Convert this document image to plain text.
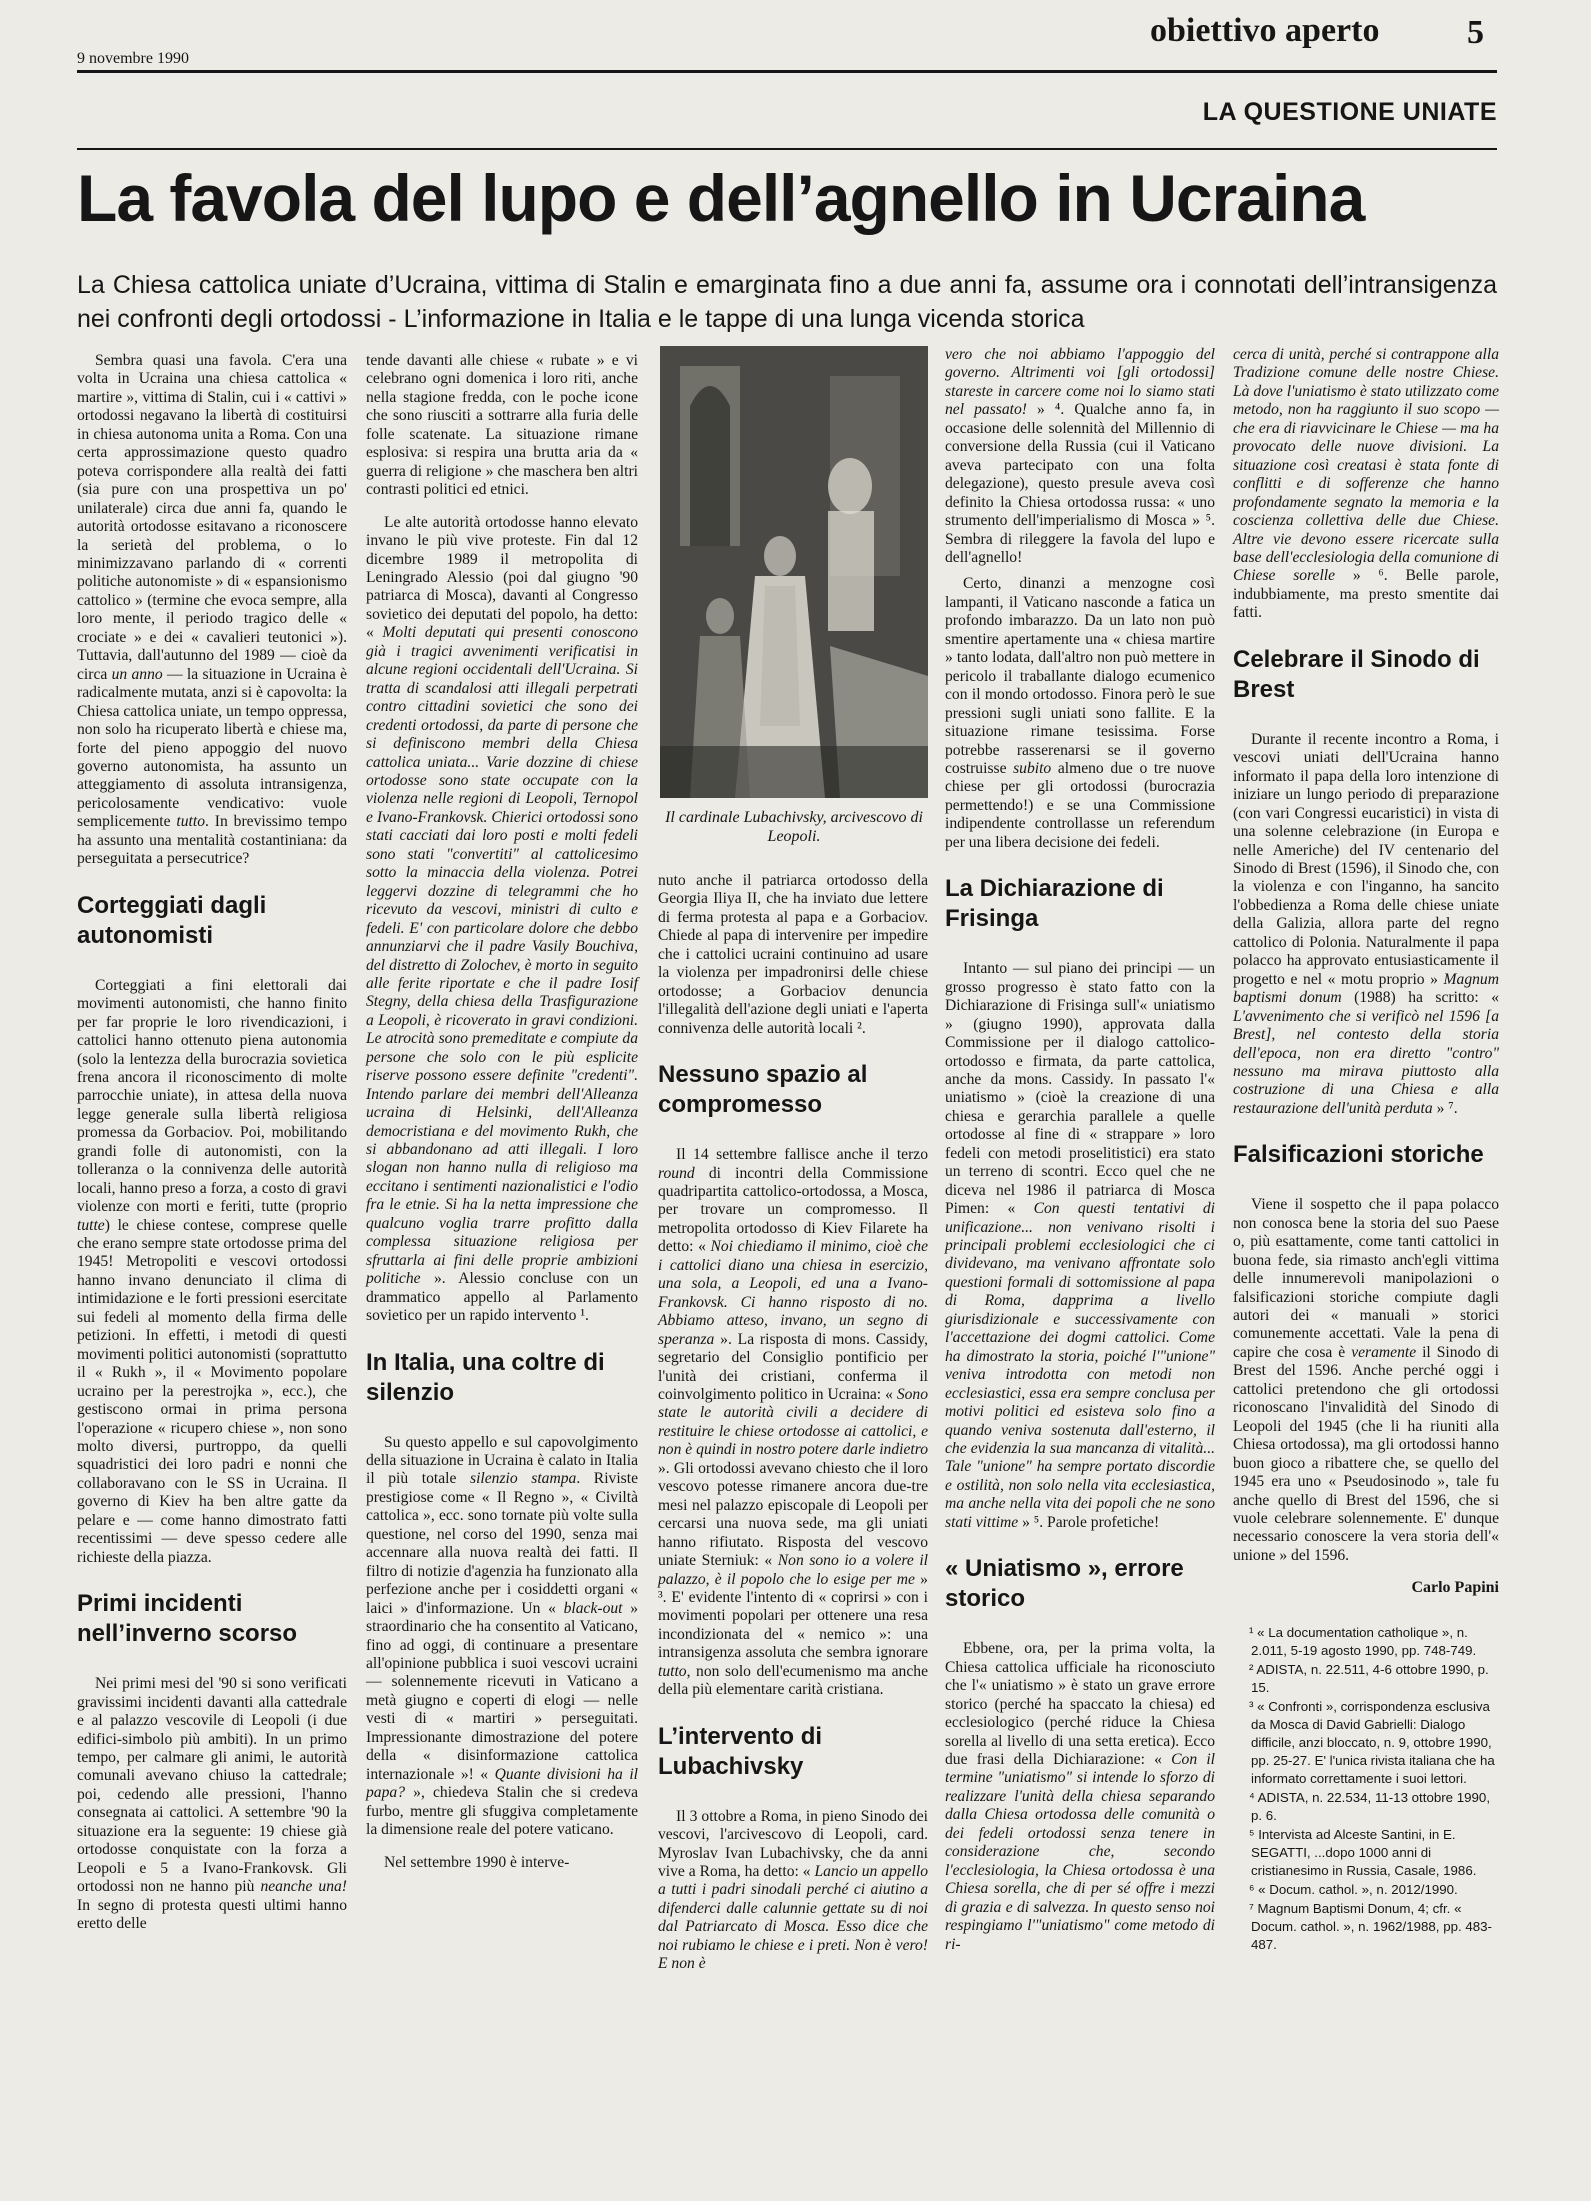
9 novembre 1990
obiettivo aperto	5
LA QUESTIONE UNIATE
La favola del lupo e dell’agnello in Ucraina
La Chiesa cattolica uniate d’Ucraina, vittima di Stalin e emarginata fino a due anni fa, assume ora i connotati dell’intransigenza nei confronti degli ortodossi - L’informazione in Italia e le tappe di una lunga vicenda storica

Sembra quasi una favola. C'era una volta in Ucraina una chiesa cattolica « martire », vittima di Stalin, cui i « cattivi » ortodossi negavano la libertà di costituirsi in chiesa autonoma unita a Roma. Con una certa approssimazione questo quadro poteva corrispondere alla realtà dei fatti (sia pure con una prospettiva un po' unilaterale) circa due anni fa, quando le autorità ortodosse esitavano a riconoscere la serietà del problema, o lo minimizzavano parlando di « correnti politiche autonomiste » di « espansionismo cattolico » (termine che evoca sempre, alla loro mente, il periodo tragico delle « crociate » e dei « cavalieri teutonici »). Tuttavia, dall'autunno del 1989 — cioè da circa un anno — la situazione in Ucraina è radicalmente mutata, anzi si è capovolta: la Chiesa cattolica uniate, un tempo oppressa, non solo ha ricuperato libertà e chiese ma, forte del pieno appoggio del nuovo governo autonomista, ha assunto un atteggiamento di assoluta intransigenza, pericolosamente vendicativo: vuole semplicemente tutto. In brevissimo tempo ha assunto una mentalità costantiniana: da perseguitata a persecutrice?

Corteggiati dagli autonomisti

Corteggiati a fini elettorali dai movimenti autonomisti, che hanno finito per far proprie le loro rivendicazioni, i cattolici hanno ottenuto piena autonomia (solo la lentezza della burocrazia sovietica frena ancora il riconoscimento di molte parrocchie uniate), in attesa della nuova legge generale sulla libertà religiosa promessa da Gorbaciov. Poi, mobilitando grandi folle di autonomisti, con la tolleranza o la connivenza delle autorità locali, hanno preso a forza, a costo di gravi violenze con morti e feriti, tutte (proprio tutte) le chiese contese, comprese quelle che erano sempre state ortodosse prima del 1945! Metropoliti e vescovi ortodossi hanno invano denunciato il clima di intimidazione e le forti pressioni esercitate sui fedeli al momento della firma delle petizioni. In effetti, i metodi di questi movimenti politici autonomisti (soprattutto il « Rukh », il « Movimento popolare ucraino per la perestrojka », ecc.), che gestiscono ormai in prima persona l'operazione « ricupero chiese », non sono molto diversi, purtroppo, da quelli squadristici dei loro padri e nonni che collaboravano con le SS in Ucraina. Il governo di Kiev ha ben altre gatte da pelare e — come hanno dimostrato fatti recentissimi — deve spesso cedere alle richieste della piazza.

Primi incidenti nell’inverno scorso

Nei primi mesi del '90 si sono verificati gravissimi incidenti davanti alla cattedrale e al palazzo vescovile di Leopoli (i due edifici-simbolo più ambiti). In un primo tempo, per calmare gli animi, le autorità comunali avevano chiuso la cattedrale; poi, cedendo alle pressioni, l'hanno consegnata ai cattolici. A settembre '90 la situazione era la seguente: 19 chiese già ortodosse conquistate con la forza a Leopoli e 5 a Ivano-Frankovsk. Gli ortodossi non ne hanno più neanche una! In segno di protesta questi ultimi hanno eretto delle

tende davanti alle chiese « rubate » e vi celebrano ogni domenica i loro riti, anche nella stagione fredda, con le poche icone che sono riusciti a sottrarre alla furia delle folle scatenate. La situazione rimane esplosiva: si respira una brutta aria da « guerra di religione » che maschera ben altri contrasti politici ed etnici.

Le alte autorità ortodosse hanno elevato invano le più vive proteste. Fin dal 12 dicembre 1989 il metropolita di Leningrado Alessio (poi dal giugno '90 patriarca di Mosca), davanti al Congresso sovietico dei deputati del popolo, ha detto: « Molti deputati qui presenti conoscono già i tragici avvenimenti verificatisi in alcune regioni occidentali dell'Ucraina. Si tratta di scandalosi atti illegali perpetrati contro cittadini sovietici che sono dei credenti ortodossi, da parte di persone che si definiscono membri della Chiesa cattolica uniata... Varie dozzine di chiese ortodosse sono state occupate con la violenza nelle regioni di Leopoli, Ternopol e Ivano-Frankovsk. Chierici ortodossi sono stati cacciati dai loro posti e molti fedeli sono stati "convertiti" al cattolicesimo sotto la minaccia della violenza. Potrei leggervi dozzine di telegrammi che ho ricevuto da vescovi, ministri di culto e fedeli. E' con particolare dolore che debbo annunziarvi che il padre Vasily Bouchiva, del distretto di Zolochev, è morto in seguito alle ferite riportate e che il padre Iosif Stegny, della chiesa della Trasfigurazione a Leopoli, è ricoverato in gravi condizioni. Le atrocità sono premeditate e compiute da persone che solo con le più esplicite riserve possono essere definite "credenti". Intendo parlare dei membri dell'Alleanza ucraina di Helsinki, dell'Alleanza democristiana e del movimento Rukh, che si abbandonano ad atti illegali. I loro slogan non hanno nulla di religioso ma eccitano i sentimenti nazionalistici e l'odio fra le etnie. Si ha la netta impressione che qualcuno voglia trarre profitto dalla complessa situazione religiosa per sfruttarla ai fini delle proprie ambizioni politiche ». Alessio concluse con un drammatico appello al Parlamento sovietico per un rapido intervento ¹.

In Italia, una coltre di silenzio

Su questo appello e sul capovolgimento della situazione in Ucraina è calato in Italia il più totale silenzio stampa. Riviste prestigiose come « Il Regno », « Civiltà cattolica », ecc. sono tornate più volte sulla questione, nel corso del 1990, senza mai accennare alla nuova realtà dei fatti. Il filtro di notizie d'agenzia ha funzionato alla perfezione anche per i cosiddetti organi « laici » d'informazione. Un « black-out » straordinario che ha consentito al Vaticano, fino ad oggi, di continuare a presentare all'opinione pubblica i suoi vescovi ucraini — solennemente ricevuti in Vaticano a metà giugno e coperti di elogi — nelle vesti di « martiri » perseguitati. Impressionante dimostrazione del potere della « disinformazione cattolica internazionale »! « Quante divisioni ha il papa? », chiedeva Stalin che si credeva furbo, mentre gli sfuggiva completamente la dimensione reale del potere vaticano.

Nel settembre 1990 è interve-

Il cardinale Lubachivsky, arcivescovo di Leopoli.

nuto anche il patriarca ortodosso della Georgia Iliya II, che ha inviato due lettere di ferma protesta al papa e a Gorbaciov. Chiede al papa di intervenire per impedire che i cattolici ucraini continuino ad usare la violenza per impadronirsi delle chiese ortodosse; a Gorbaciov denuncia l'illegalità dell'azione degli uniati e l'aperta connivenza delle autorità locali ².

Nessuno spazio al compromesso

Il 14 settembre fallisce anche il terzo round di incontri della Commissione quadripartita cattolico-ortodossa, a Mosca, per trovare un compromesso. Il metropolita ortodosso di Kiev Filarete ha detto: « Noi chiediamo il minimo, cioè che i cattolici diano una chiesa in esercizio, una sola, a Leopoli, ed una a Ivano-Frankovsk. Ci hanno risposto di no. Abbiamo atteso, invano, un segno di speranza ». La risposta di mons. Cassidy, segretario del Consiglio pontificio per l'unità dei cristiani, conferma il coinvolgimento politico in Ucraina: « Sono state le autorità civili a decidere di restituire le chiese ortodosse ai cattolici, e non è quindi in nostro potere darle indietro ». Gli ortodossi avevano chiesto che il loro vescovo potesse rimanere ancora due-tre mesi nel palazzo episcopale di Leopoli per cercarsi una nuova sede, ma gli uniati hanno rifiutato. Risposta del vescovo uniate Sterniuk: « Non sono io a volere il palazzo, è il popolo che lo esige per me » ³. E' evidente l'intento di « coprirsi » con i movimenti popolari per ottenere una resa incondizionata del « nemico »: una intransigenza assoluta che sembra ignorare tutto, non solo dell'ecumenismo ma anche della più elementare carità cristiana.

L’intervento di Lubachivsky

Il 3 ottobre a Roma, in pieno Sinodo dei vescovi, l'arcivescovo di Leopoli, card. Myroslav Ivan Lubachivsky, che da anni vive a Roma, ha detto: « Lancio un appello a tutti i padri sinodali perché ci aiutino a difenderci dalle calunnie gettate su di noi dal Patriarcato di Mosca. Esso dice che noi rubiamo le chiese e i preti. Non è vero! E non è

vero che noi abbiamo l'appoggio del governo. Altrimenti voi [gli ortodossi] stareste in carcere come noi lo siamo stati nel passato! » ⁴. Qualche anno fa, in occasione delle solennità del Millennio di conversione della Russia (cui il Vaticano aveva partecipato con una folta delegazione), questo presule aveva così definito la Chiesa ortodossa russa: « uno strumento dell'imperialismo di Mosca » ⁵. Sembra di rileggere la favola del lupo e dell'agnello!

Certo, dinanzi a menzogne così lampanti, il Vaticano nasconde a fatica un profondo imbarazzo. Da un lato non può smentire apertamente una « chiesa martire » tanto lodata, dall'altro non può mettere in pericolo il traballante dialogo ecumenico con il mondo ortodosso. Finora però le sue pressioni sugli uniati sono fallite. E la situazione rimane tesissima. Forse potrebbe rasserenarsi se il governo costruisse subito almeno due o tre nuove chiese per gli ortodossi (burocrazia permettendo!) e se una Commissione indipendente controllasse un referendum per una libera decisione dei fedeli.

La Dichiarazione di Frisinga

Intanto — sul piano dei principi — un grosso progresso è stato fatto con la Dichiarazione di Frisinga sull'« uniatismo » (giugno 1990), approvata dalla Commissione per il dialogo cattolico-ortodosso e firmata, da parte cattolica, anche da mons. Cassidy. In passato l'« uniatismo » (cioè la creazione di una chiesa e gerarchia parallele a quelle ortodosse al fine di « strappare » loro fedeli con metodi proselitistici) era stato un terreno di scontri. Ecco quel che ne diceva nel 1986 il patriarca di Mosca Pimen: « Con questi tentativi di unificazione... non venivano risolti i principali problemi ecclesiologici che ci dividevano, ma venivano affrontate solo questioni formali di sottomissione al papa di Roma, dapprima a livello giurisdizionale e successivamente con l'accettazione dei dogmi cattolici. Come ha dimostrato la storia, poiché l'"unione" veniva introdotta con metodi non ecclesiastici, essa era sempre conclusa per motivi politici ed esisteva solo fino a quando veniva sostenuta dall'esterno, il che evidenzia la sua mancanza di vitalità... Tale "unione" ha sempre portato discordie e ostilità, non solo nella vita ecclesiastica, ma anche nella vita dei popoli che ne sono stati vittime » ⁵. Parole profetiche!

« Uniatismo », errore storico

Ebbene, ora, per la prima volta, la Chiesa cattolica ufficiale ha riconosciuto che l'« uniatismo » è stato un grave errore storico (perché ha spaccato la chiesa) ed ecclesiologico (perché riduce la Chiesa sorella al livello di una setta eretica). Ecco due frasi della Dichiarazione: « Con il termine "uniatismo" si intende lo sforzo di realizzare l'unità della chiesa separando dalla Chiesa ortodossa delle comunità o dei fedeli ortodossi senza tenere in considerazione che, secondo l'ecclesiologia, la Chiesa ortodossa è una Chiesa sorella, che di per sé offre i mezzi di grazia e di salvezza. In questo senso noi respingiamo l'"uniatismo" come metodo di ri-

cerca di unità, perché si contrappone alla Tradizione comune delle nostre Chiese. Là dove l'uniatismo è stato utilizzato come metodo, non ha raggiunto il suo scopo — che era di riavvicinare le Chiese — ma ha provocato delle nuove divisioni. La situazione così creatasi è stata fonte di conflitti e di sofferenze che hanno profondamente segnato la memoria e la coscienza collettiva delle due Chiese. Altre vie devono essere ricercate sulla base dell'ecclesiologia della comunione di Chiese sorelle » ⁶. Belle parole, indubbiamente, ma presto smentite dai fatti.

Celebrare il Sinodo di Brest

Durante il recente incontro a Roma, i vescovi uniati dell'Ucraina hanno informato il papa della loro intenzione di iniziare un lungo periodo di preparazione (con vari Congressi eucaristici) in vista di una solenne celebrazione (in Europa e nelle Americhe) del IV centenario del Sinodo di Brest (1596), il Sinodo che, con la violenza e con l'inganno, ha sancito l'obbedienza a Roma delle chiese uniate della Galizia, allora parte del regno cattolico di Polonia. Naturalmente il papa polacco ha approvato entusiasticamente il progetto e nel « motu proprio » Magnum baptismi donum (1988) ha scritto: « L'avvenimento che si verificò nel 1596 [a Brest], nel contesto della storia dell'epoca, non era diretto "contro" nessuno ma mirava piuttosto alla costruzione di una Chiesa e alla restaurazione dell'unità perduta » ⁷.

Falsificazioni storiche

Viene il sospetto che il papa polacco non conosca bene la storia del suo Paese o, più esattamente, come tanti cattolici in buona fede, sia rimasto anch'egli vittima delle innumerevoli manipolazioni o falsificazioni storiche compiute dagli autori dei « manuali » storici comunemente accettati. Vale la pena di capire che cosa è veramente il Sinodo di Brest del 1596. Anche perché oggi i cattolici pretendono che gli ortodossi riconoscano l'invalidità del Sinodo di Leopoli del 1945 (che li ha riuniti alla Chiesa ortodossa), ma gli ortodossi hanno buon gioco a ribattere che, se quello del 1945 era uno « Pseudosinodo », tale fu anche quello di Brest del 1596, che si vuole celebrare solennemente. E' dunque necessario conoscere la vera storia dell'« unione » del 1596.

Carlo Papini
¹ « La documentation catholique », n. 2.011, 5-19 agosto 1990, pp. 748-749.
² ADISTA, n. 22.511, 4-6 ottobre 1990, p. 15.
³ « Confronti », corrispondenza esclusiva da Mosca di David Gabrielli: Dialogo difficile, anzi bloccato, n. 9, ottobre 1990, pp. 25-27. E' l'unica rivista italiana che ha informato correttamente i suoi lettori.
⁴ ADISTA, n. 22.534, 11-13 ottobre 1990, p. 6.
⁵ Intervista ad Alceste Santini, in E. SEGATTI, ...dopo 1000 anni di cristianesimo in Russia, Casale, 1986.
⁶ « Docum. cathol. », n. 2012/1990.
⁷ Magnum Baptismi Donum, 4; cfr. « Docum. cathol. », n. 1962/1988, pp. 483-487.
